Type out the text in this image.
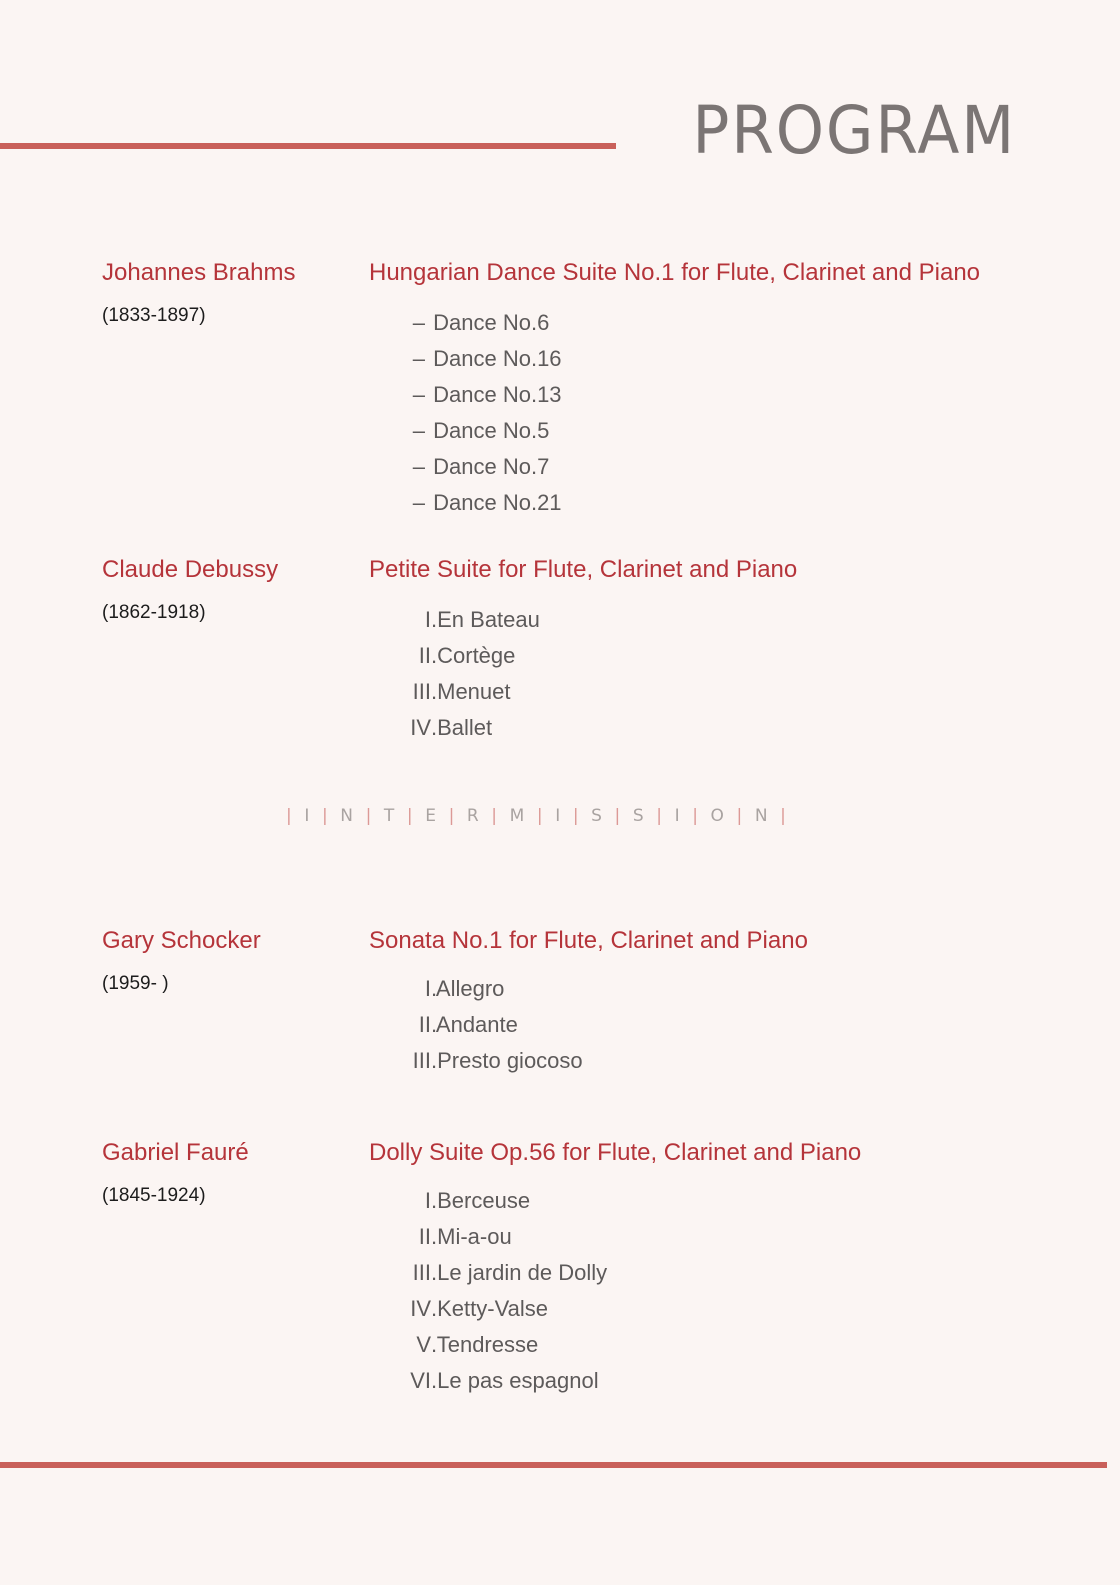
PROGRAM
Johannes Brahms
(1833-1897)
Hungarian Dance Suite No.1 for Flute, Clarinet and Piano
– Dance No.6
– Dance No.16
– Dance No.13
– Dance No.5
– Dance No.7
– Dance No.21
Claude Debussy
(1862-1918)
Petite Suite for Flute, Clarinet and Piano
I. En Bateau
II. Cortège
III. Menuet
IV. Ballet
| I | N | T | E | R | M | I | S | S | I | O | N |
Gary Schocker
(1959- )
Sonata No.1 for Flute, Clarinet and Piano
I. Allegro
II. Andante
III. Presto giocoso
Gabriel Fauré
(1845-1924)
Dolly Suite Op.56 for Flute, Clarinet and Piano
I. Berceuse
II. Mi-a-ou
III. Le jardin de Dolly
IV. Ketty-Valse
V. Tendresse
VI. Le pas espagnol
